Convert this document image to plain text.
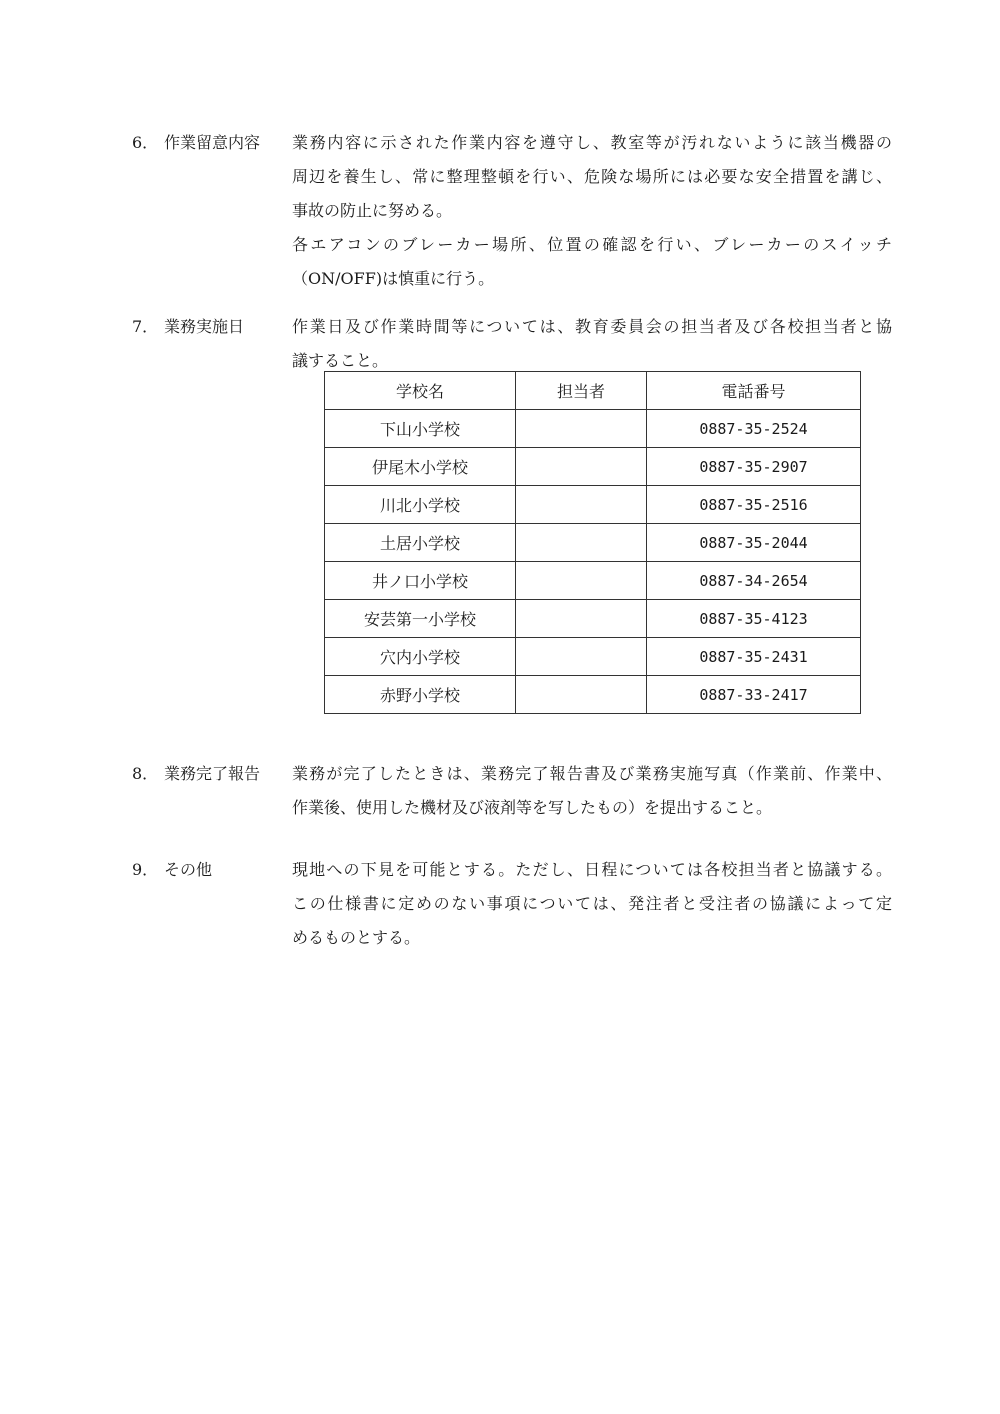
6． 作業留意内容 業務内容に示された作業内容を遵守し、教室等が汚れないように該当機器の
周辺を養生し、常に整理整頓を行い、危険な場所には必要な安全措置を講じ、
事故の防止に努める。
各エアコンのブレーカー場所、位置の確認を行い、ブレーカーのスイッチ
（ON/OFF)は慎重に行う。
7． 業務実施日	作業日及び作業時間等については、教育委員会の担当者及び各校担当者と協
議すること。
学校名	担当者	電話番号
下山小学校		0887-35-2524
伊尾木小学校		0887-35-2907
川北小学校		0887-35-2516
土居小学校		0887-35-2044
井ノ口小学校		0887-34-2654
安芸第一小学校		0887-35-4123
穴内小学校		0887-35-2431
赤野小学校		0887-33-2417
8． 業務完了報告 業務が完了したときは、業務完了報告書及び業務実施写真（作業前、作業中、
作業後、使用した機材及び液剤等を写したもの）を提出すること。
9． その他	現地への下見を可能とする。ただし、日程については各校担当者と協議する。
この仕様書に定めのない事項については、発注者と受注者の協議によって定
めるものとする。
